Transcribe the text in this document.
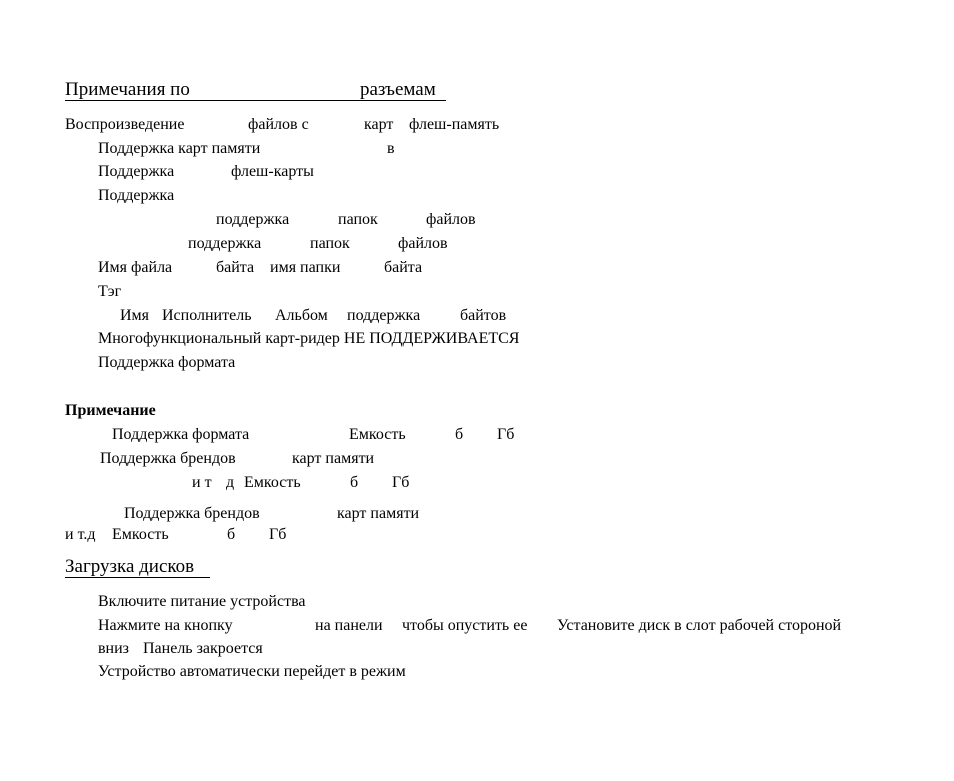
Примечания по	разъемам
Воспроизведение	файлов с	карт флеш-память
Поддержка карт памяти	в
Поддержка	флеш-карты
Поддержка
поддержка	папок	файлов
поддержка	папок	файлов
Имя файла	байта имя папки	байта
Тэг
Имя Исполнитель Альбом поддержка байтов
Многофункциональный карт-ридер НЕ ПОДДЕРЖИВАЕТСЯ
Поддержка формата
Примечание
Поддержка формата	Емкость	б Гб
Поддержка брендов	карт памяти
и т д Емкость	б Гб
Поддержка брендов	карт памяти
и т.д Емкость	б Гб
Загрузка дисков
Включите питание устройства
Нажмите на кнопку	на панели чтобы опустить ее Установите диск в слот рабочей стороной
вниз Панель закроется
Устройство автоматически перейдет в режим
